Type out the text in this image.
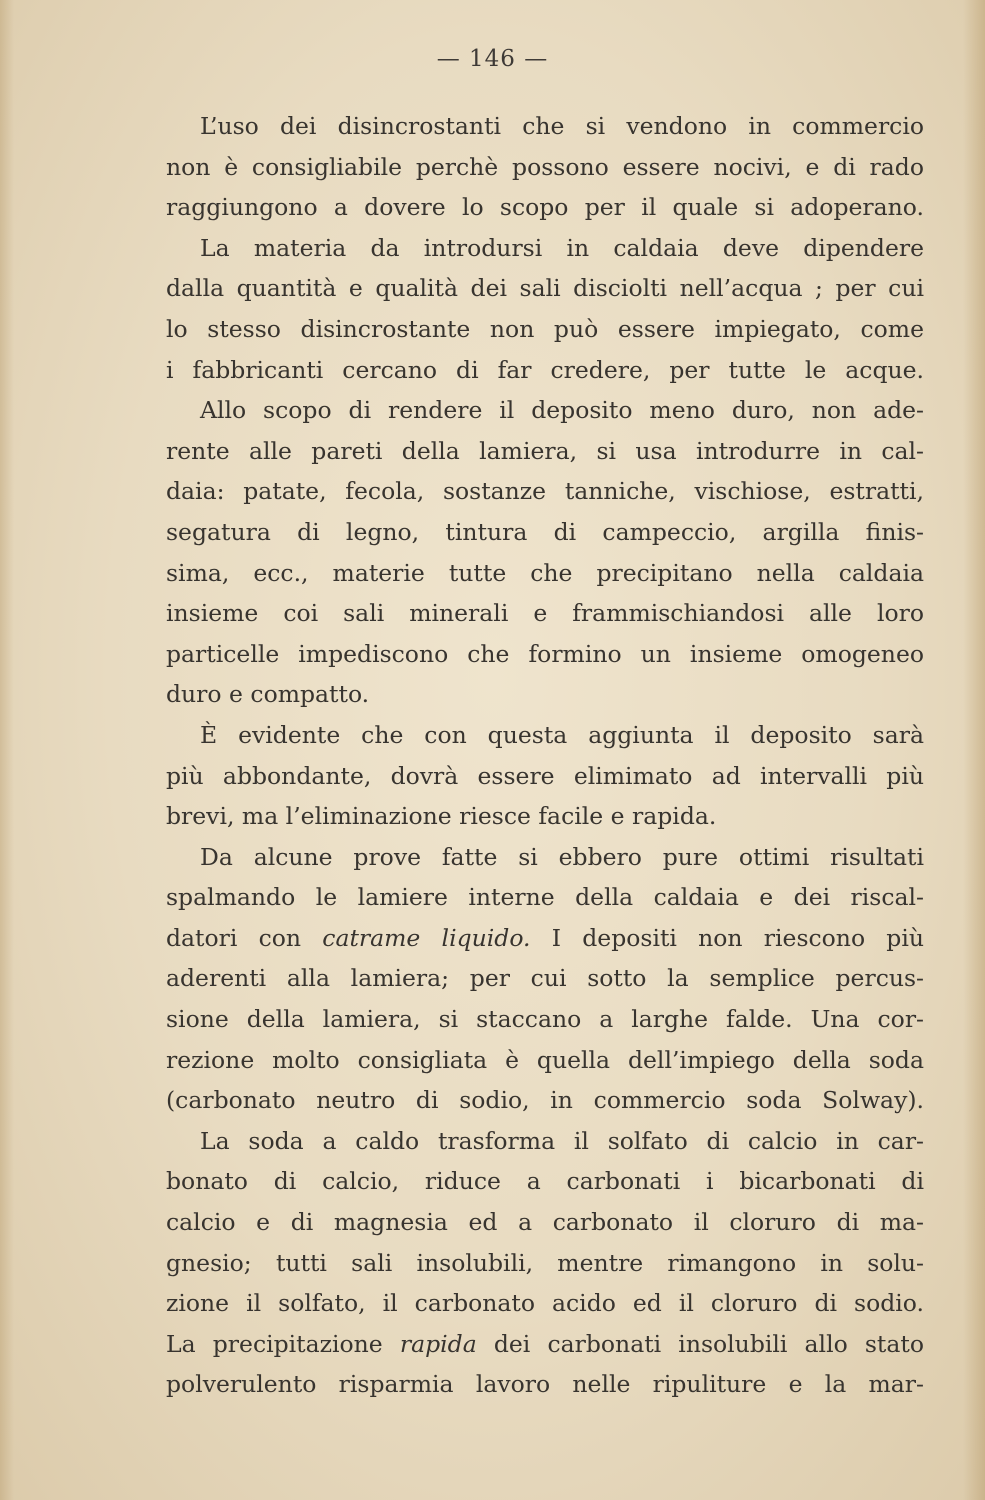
— 146 —
L’uso dei disincrostanti che si vendono in commercio
non è consigliabile perchè possono essere nocivi, e di rado
raggiungono a dovere lo scopo per il quale si adoperano.
La materia da introdursi in caldaia deve dipendere
dalla quantità e qualità dei sali disciolti nell’acqua ; per cui
lo stesso disincrostante non può essere impiegato, come
i fabbricanti cercano di far credere, per tutte le acque.
Allo scopo di rendere il deposito meno duro, non ade-
rente alle pareti della lamiera, si usa introdurre in cal-
daia: patate, fecola, sostanze tanniche, vischiose, estratti,
segatura di legno, tintura di campeccio, argilla finis-
sima, ecc., materie tutte che precipitano nella caldaia
insieme coi sali minerali e frammischiandosi alle loro
particelle impediscono che formino un insieme omogeneo
duro e compatto.
È evidente che con questa aggiunta il deposito sarà
più abbondante, dovrà essere elimimato ad intervalli più
brevi, ma l’eliminazione riesce facile e rapida.
Da alcune prove fatte si ebbero pure ottimi risultati
spalmando le lamiere interne della caldaia e dei riscal-
datori con catrame liquido. I depositi non riescono più
aderenti alla lamiera; per cui sotto la semplice percus-
sione della lamiera, si staccano a larghe falde. Una cor-
rezione molto consigliata è quella dell’impiego della soda
(carbonato neutro di sodio, in commercio soda Solway).
La soda a caldo trasforma il solfato di calcio in car-
bonato di calcio, riduce a carbonati i bicarbonati di
calcio e di magnesia ed a carbonato il cloruro di ma-
gnesio; tutti sali insolubili, mentre rimangono in solu-
zione il solfato, il carbonato acido ed il cloruro di sodio.
La precipitazione rapida dei carbonati insolubili allo stato
polverulento risparmia lavoro nelle ripuliture e la mar-
